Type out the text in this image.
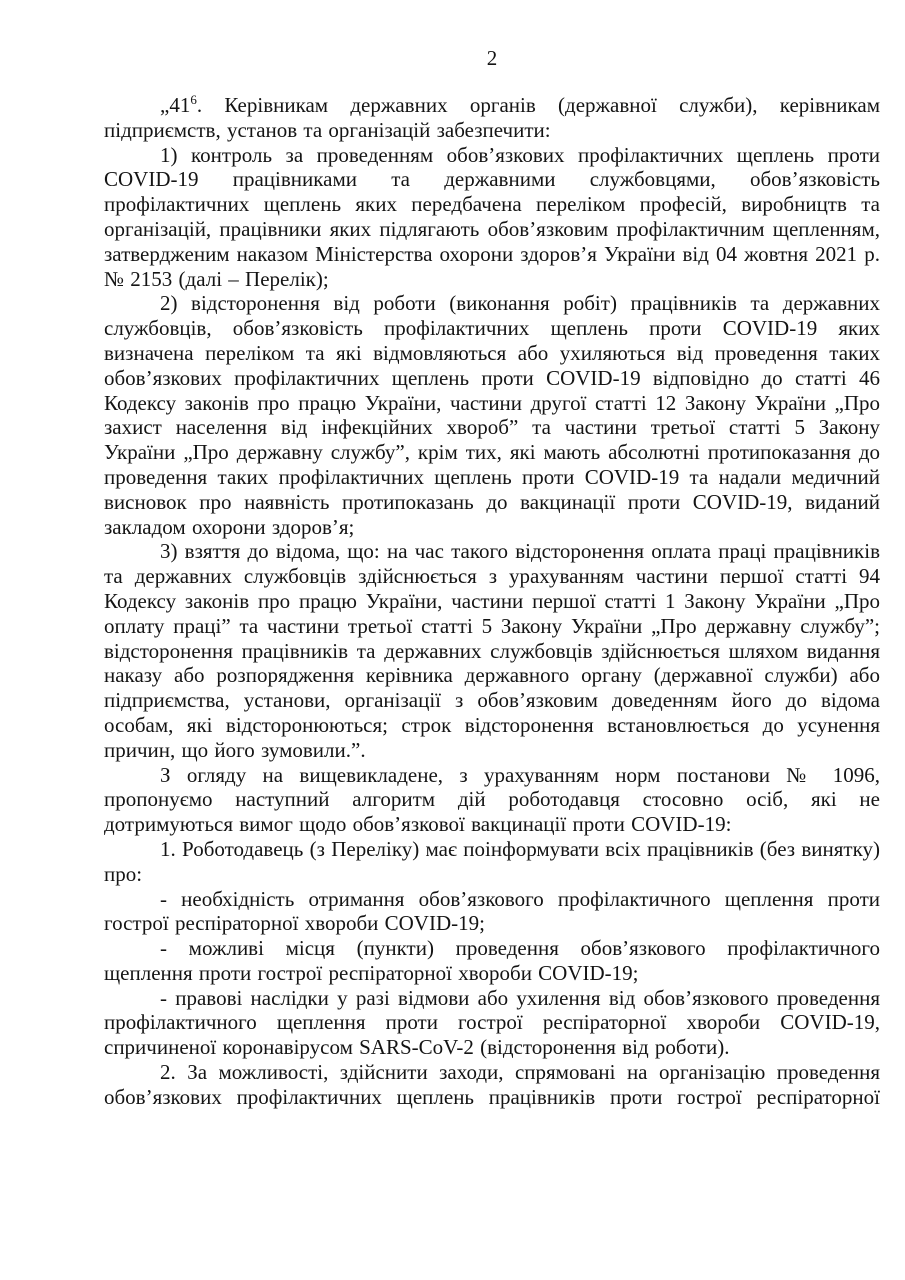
2

$„41^6$. Керівникам державних органів (державної служби), керівникам підприємств, установ та організацій забезпечити:

1) контроль за проведенням обов’язкових профілактичних щеплень проти COVID-19 працівниками та державними службовцями, обов’язковість профілактичних щеплень яких передбачена переліком професій, виробництв та організацій, працівники яких підлягають обов’язковим профілактичним щепленням, затвердженим наказом Міністерства охорони здоров’я України від 04 жовтня 2021 р. № 2153 (далі – Перелік);

2) відсторонення від роботи (виконання робіт) працівників та державних службовців, обов’язковість профілактичних щеплень проти COVID-19 яких визначена переліком та які відмовляються або ухиляються від проведення таких обов’язкових профілактичних щеплень проти COVID-19 відповідно до статті 46 Кодексу законів про працю України, частини другої статті 12 Закону України „Про захист населення від інфекційних хвороб” та частини третьої статті 5 Закону України „Про державну службу”, крім тих, які мають абсолютні протипоказання до проведення таких профілактичних щеплень проти COVID-19 та надали медичний висновок про наявність протипоказань до вакцинації проти COVID-19, виданий закладом охорони здоров’я;

3) взяття до відома, що: на час такого відсторонення оплата праці працівників та державних службовців здійснюється з урахуванням частини першої статті 94 Кодексу законів про працю України, частини першої статті 1 Закону України „Про оплату праці” та частини третьої статті 5 Закону України „Про державну службу”; відсторонення працівників та державних службовців здійснюється шляхом видання наказу або розпорядження керівника державного органу (державної служби) або підприємства, установи, організації з обов’язковим доведенням його до відома особам, які відсторонюються; строк відсторонення встановлюється до усунення причин, що його зумовили.”.

З огляду на вищевикладене, з урахуванням норм постанови № 1096, пропонуємо наступний алгоритм дій роботодавця стосовно осіб, які не дотримуються вимог щодо обов’язкової вакцинації проти COVID-19:

1. Роботодавець (з Переліку) має поінформувати всіх працівників (без винятку) про:

- необхідність отримання обов’язкового профілактичного щеплення проти гострої респіраторної хвороби COVID-19;

- можливі місця (пункти) проведення обов’язкового профілактичного щеплення проти гострої респіраторної хвороби COVID-19;

- правові наслідки у разі відмови або ухилення від обов’язкового проведення профілактичного щеплення проти гострої респіраторної хвороби COVID-19, спричиненої коронавірусом SARS-CoV-2 (відсторонення від роботи).

2. За можливості, здійснити заходи, спрямовані на організацію проведення обов’язкових профілактичних щеплень працівників проти гострої респіраторної
